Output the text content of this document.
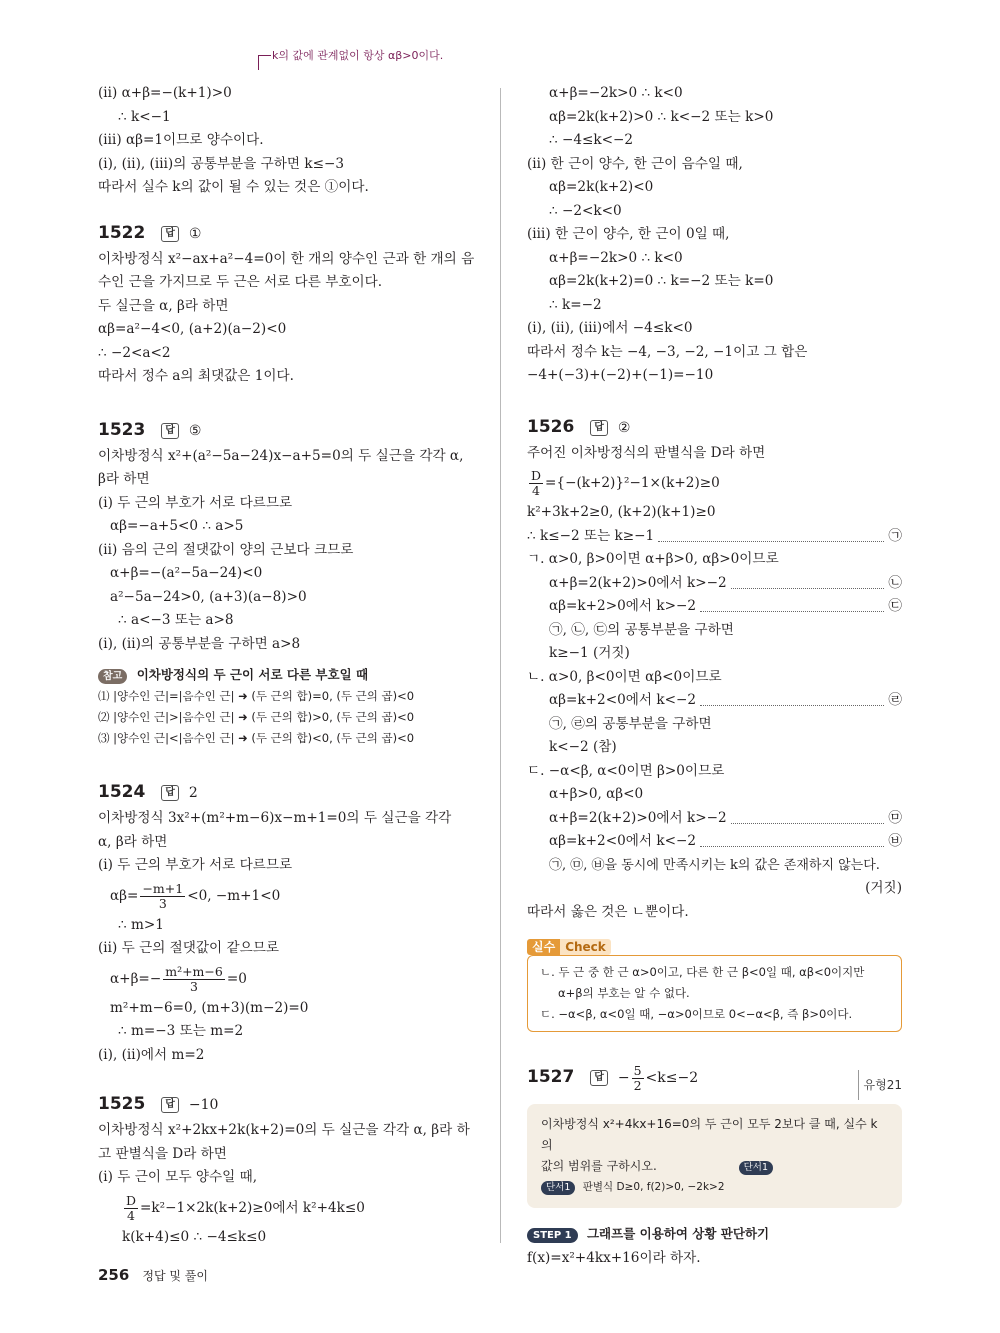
k의 값에 관계없이 항상 αβ>0이다.
(ⅱ) α+β=−(k+1)>0
∴ k<−1
(ⅲ) αβ=1이므로 양수이다.
(ⅰ), (ⅱ), (ⅲ)의 공통부분을 구하면 k≤−3
따라서 실수 k의 값이 될 수 있는 것은 ①이다.
1522 답 ①
이차방정식 x²−ax+a²−4=0이 한 개의 양수인 근과 한 개의 음
수인 근을 가지므로 두 근은 서로 다른 부호이다.
두 실근을 α, β라 하면
αβ=a²−4<0, (a+2)(a−2)<0
∴ −2<a<2
따라서 정수 a의 최댓값은 1이다.
1523 답 ⑤
이차방정식 x²+(a²−5a−24)x−a+5=0의 두 실근을 각각 α,
β라 하면
(ⅰ) 두 근의 부호가 서로 다르므로
αβ=−a+5<0 ∴ a>5
(ⅱ) 음의 근의 절댓값이 양의 근보다 크므로
α+β=−(a²−5a−24)<0
a²−5a−24>0, (a+3)(a−8)>0
∴ a<−3 또는 a>8
(ⅰ), (ⅱ)의 공통부분을 구하면 a>8
참고 이차방정식의 두 근이 서로 다른 부호일 때
⑴ |양수인 근|=|음수인 근| ➜ (두 근의 합)=0, (두 근의 곱)<0
⑵ |양수인 근|>|음수인 근| ➜ (두 근의 합)>0, (두 근의 곱)<0
⑶ |양수인 근|<|음수인 근| ➜ (두 근의 합)<0, (두 근의 곱)<0
1524 답 2
이차방정식 3x²+(m²+m−6)x−m+1=0의 두 실근을 각각
α, β라 하면
(ⅰ) 두 근의 부호가 서로 다르므로
$\alpha\beta= \frac{-m+1}{3} <0$, −m+1<0
∴ m>1
(ⅱ) 두 근의 절댓값이 같으므로
$\alpha+\beta=- \frac{\text{m²+m−6}}{3} =0$
m²+m−6=0, (m+3)(m−2)=0
∴ m=−3 또는 m=2
(ⅰ), (ⅱ)에서 m=2
1525 답 −10
이차방정식 x²+2kx+2k(k+2)=0의 두 실근을 각각 α, β라 하
고 판별식을 D라 하면
(ⅰ) 두 근이 모두 양수일 때,
$\frac{D}{4} =k^2-1\times 2k(k+2)\ge 0$에서 k²+4k≤0
k(k+4)≤0 ∴ −4≤k≤0
α+β=−2k>0 ∴ k<0
αβ=2k(k+2)>0 ∴ k<−2 또는 k>0
∴ −4≤k<−2
(ⅱ) 한 근이 양수, 한 근이 음수일 때,
αβ=2k(k+2)<0
∴ −2<k<0
(ⅲ) 한 근이 양수, 한 근이 0일 때,
α+β=−2k>0 ∴ k<0
αβ=2k(k+2)=0 ∴ k=−2 또는 k=0
∴ k=−2
(ⅰ), (ⅱ), (ⅲ)에서 −4≤k<0
따라서 정수 k는 −4, −3, −2, −1이고 그 합은
−4+(−3)+(−2)+(−1)=−10
1526 답 ②
주어진 이차방정식의 판별식을 D라 하면
$\frac{D}{4} =\{-(k+2)\}^2-1\times(k+2)\ge 0$
k²+3k+2≥0, (k+2)(k+1)≥0
∴ k≤−2 또는 k≥−1	㉠
ㄱ. α>0, β>0이면 α+β>0, αβ>0이므로
α+β=2(k+2)>0에서 k>−2	㉡
αβ=k+2>0에서 k>−2	㉢
㉠, ㉡, ㉢의 공통부분을 구하면
k≥−1 (거짓)
ㄴ. α>0, β<0이면 αβ<0이므로
αβ=k+2<0에서 k<−2	㉣
㉠, ㉣의 공통부분을 구하면
k<−2 (참)
ㄷ. −α<β, α<0이면 β>0이므로
α+β>0, αβ<0
α+β=2(k+2)>0에서 k>−2	㉤
αβ=k+2<0에서 k<−2	㉥
㉠, ㉤, ㉥을 동시에 만족시키는 k의 값은 존재하지 않는다.
(거짓)
따라서 옳은 것은 ㄴ뿐이다.
실수 Check
ㄴ. 두 근 중 한 근 α>0이고, 다른 한 근 β<0일 때, αβ<0이지만
α+β의 부호는 알 수 없다.
ㄷ. −α<β, α<0일 때, −α>0이므로 0<−α<β, 즉 β>0이다.
1527 답 − $\frac{5}{2} <k\le-2$	유형21
이차방정식 x²+4kx+16=0의 두 근이 모두 2보다 클 때, 실수 k의
값의 범위를 구하시오.	단서1
단서1 판별식 D≥0, f(2)>0, −2k>2
STEP 1 그래프를 이용하여 상황 판단하기
f(x)=x²+4kx+16이라 하자.
256 정답 및 풀이
